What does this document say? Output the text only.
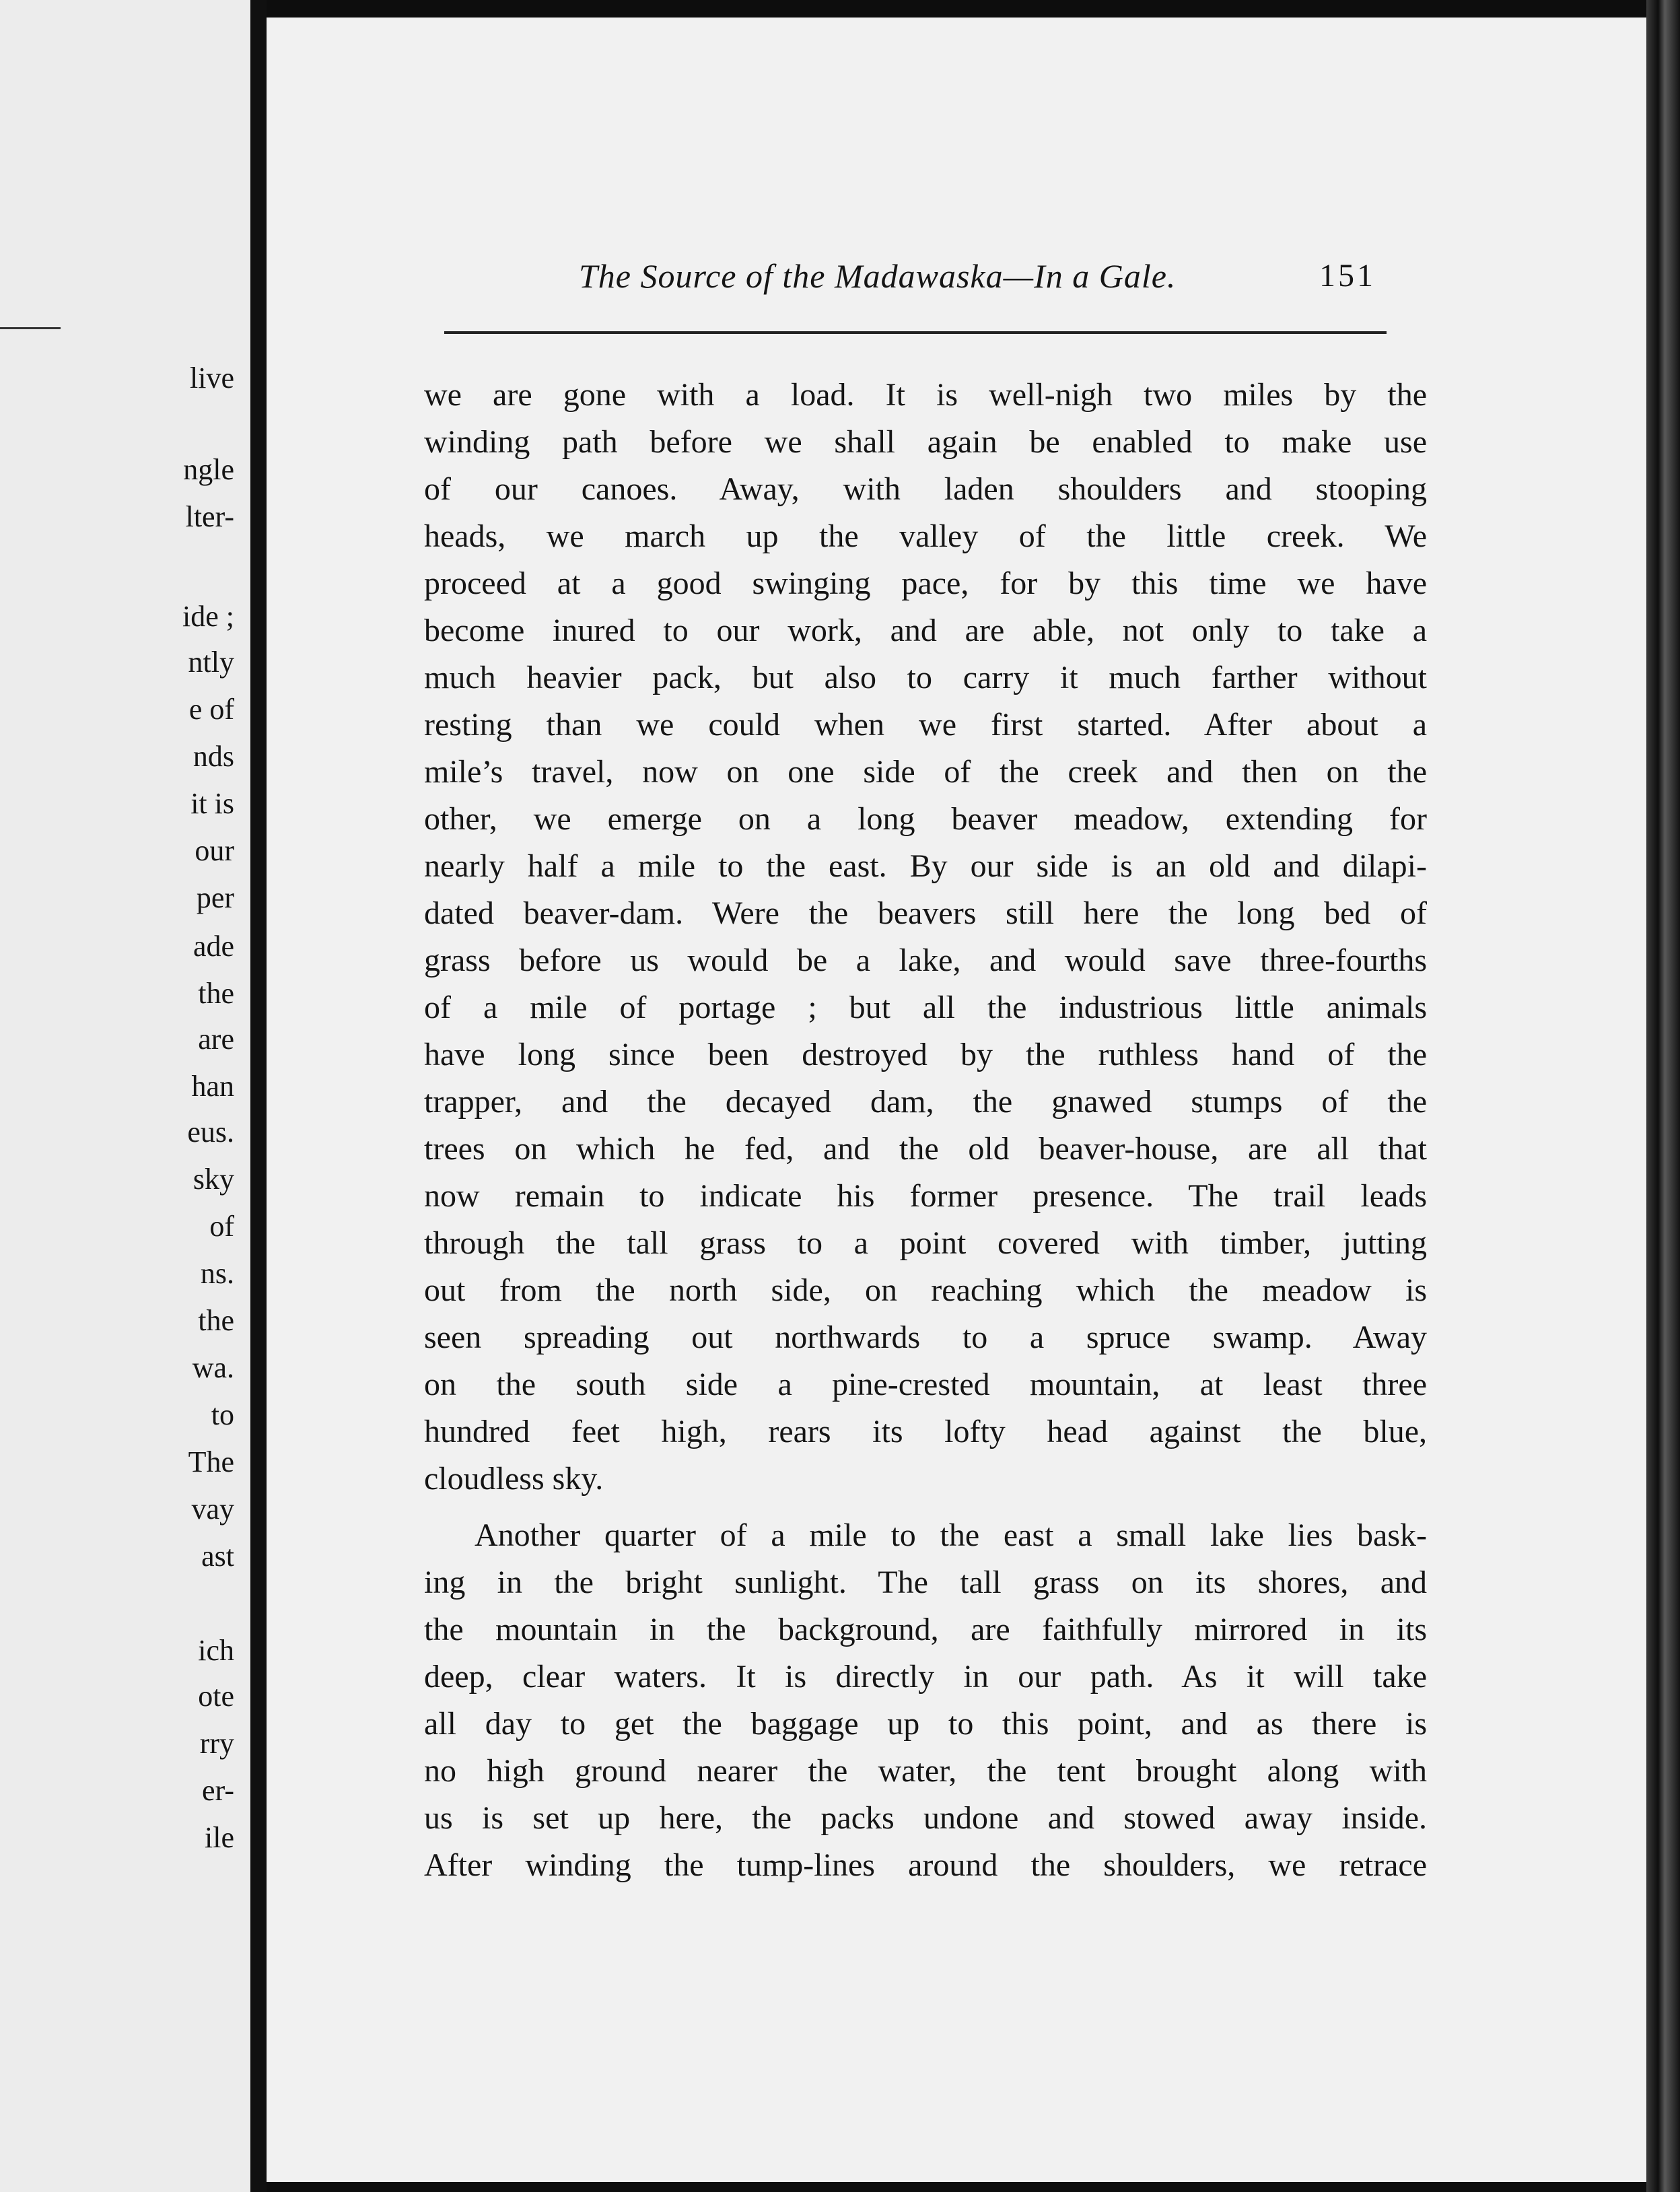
live
ngle
lter-
ide ;
ntly
e of
nds
it is
our
per
ade
the
are
han
eus.
sky
of
ns.
the
wa.
to
The
vay
ast
ich
ote
rry
er-
ile
The Source of the Madawaska—In a Gale.	151
we are gone with a load. It is well-nigh two miles by the
winding path before we shall again be enabled to make use
of our canoes. Away, with laden shoulders and stooping
heads, we march up the valley of the little creek. We
proceed at a good swinging pace, for by this time we have
become inured to our work, and are able, not only to take a
much heavier pack, but also to carry it much farther without
resting than we could when we first started. After about a
mile’s travel, now on one side of the creek and then on the
other, we emerge on a long beaver meadow, extending for
nearly half a mile to the east. By our side is an old and dilapi-
dated beaver-dam. Were the beavers still here the long bed of
grass before us would be a lake, and would save three-fourths
of a mile of portage ; but all the industrious little animals
have long since been destroyed by the ruthless hand of the
trapper, and the decayed dam, the gnawed stumps of the
trees on which he fed, and the old beaver-house, are all that
now remain to indicate his former presence. The trail leads
through the tall grass to a point covered with timber, jutting
out from the north side, on reaching which the meadow is
seen spreading out northwards to a spruce swamp. Away
on the south side a pine-crested mountain, at least three
hundred feet high, rears its lofty head against the blue,
cloudless sky.
Another quarter of a mile to the east a small lake lies bask-
ing in the bright sunlight. The tall grass on its shores, and
the mountain in the background, are faithfully mirrored in its
deep, clear waters. It is directly in our path. As it will take
all day to get the baggage up to this point, and as there is
no high ground nearer the water, the tent brought along with
us is set up here, the packs undone and stowed away inside.
After winding the tump-lines around the shoulders, we retrace
